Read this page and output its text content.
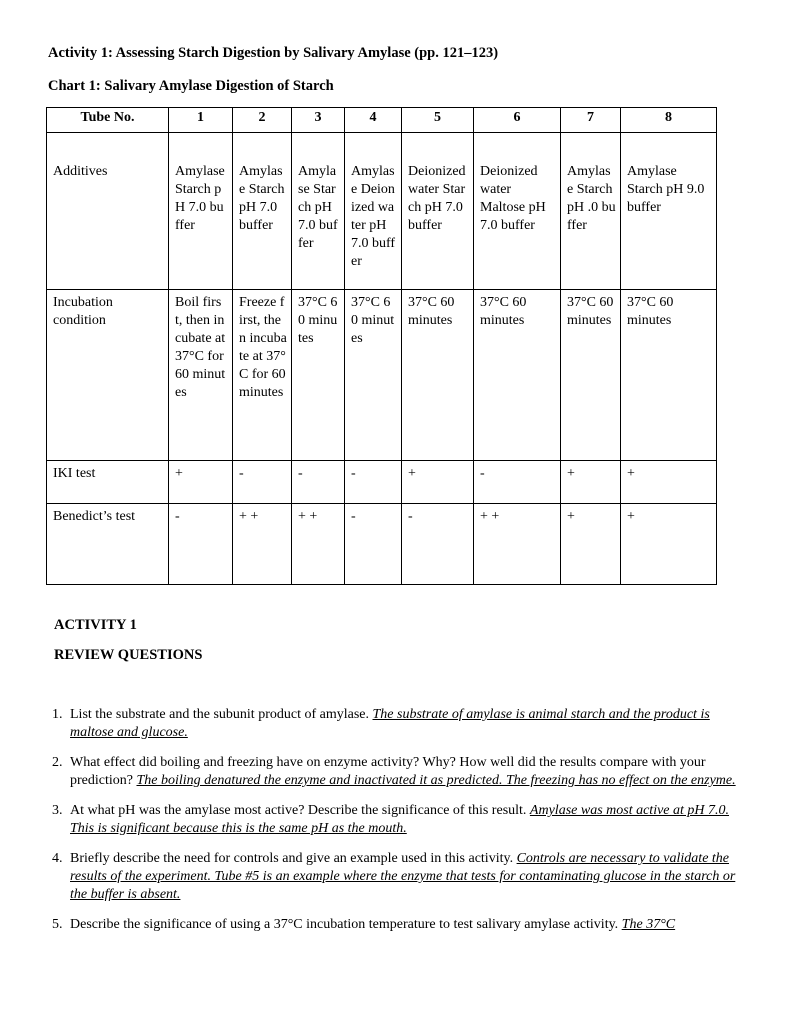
Activity 1: Assessing Starch Digestion by Salivary Amylase (pp. 121–123)
Chart 1: Salivary Amylase Digestion of Starch
Tube No.	1	2	3	4	5	6	7	8
Additives	Amylase Starch pH 7.0 buffer	Amylase Starch pH 7.0 buffer	Amylase Starch pH 7.0 buffer	Amylase Deionized water pH 7.0 buffer	Deionized water Starch pH 7.0 buffer	Deionized water Maltose pH 7.0 buffer	Amylase Starch pH .0 buffer	Amylase Starch pH 9.0 buffer
Incubation condition	Boil first, then incubate at 37°C for 60 minutes	Freeze first, then incubate at 37°C for 60 minutes	37°C 60 minutes	37°C 60 minutes	37°C 60 minutes	37°C 60 minutes	37°C 60 minutes	37°C 60 minutes
IKI test	+	-	-	-	+	-	+	+
Benedict’s test	-	+ +	+ +	-	-	+ +	+	+
ACTIVITY 1
REVIEW QUESTIONS
1. List the substrate and the subunit product of amylase. The substrate of amylase is animal starch and the product is maltose and glucose.
2. What effect did boiling and freezing have on enzyme activity? Why? How well did the results compare with your prediction? The boiling denatured the enzyme and inactivated it as predicted. The freezing has no effect on the enzyme.
3. At what pH was the amylase most active? Describe the significance of this result. Amylase was most active at pH 7.0. This is significant because this is the same pH as the mouth.
4. Briefly describe the need for controls and give an example used in this activity. Controls are necessary to validate the results of the experiment. Tube #5 is an example where the enzyme that tests for contaminating glucose in the starch or the buffer is absent.
5. Describe the significance of using a 37°C incubation temperature to test salivary amylase activity. The 37°C
